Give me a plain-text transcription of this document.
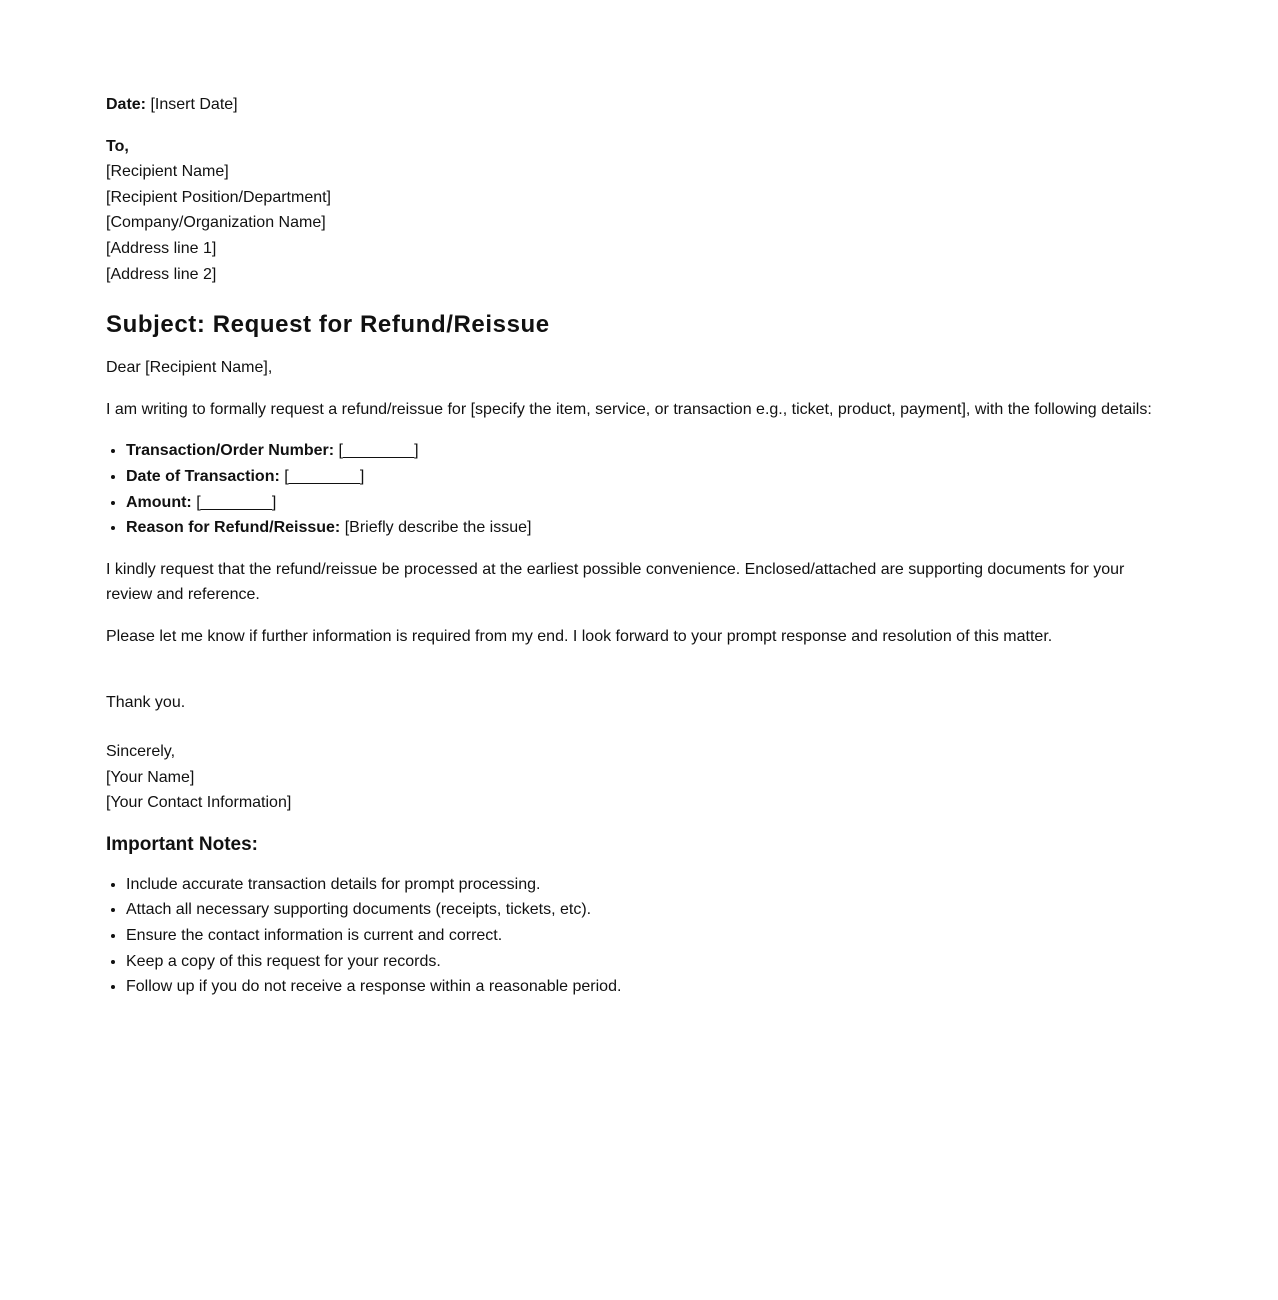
Date: [Insert Date]

To,
[Recipient Name]
[Recipient Position/Department]
[Company/Organization Name]
[Address line 1]
[Address line 2]
Subject: Request for Refund/Reissue

Dear [Recipient Name],

I am writing to formally request a refund/reissue for [specify the item, service, or transaction e.g., ticket, product, payment], with the following details:

• Transaction/Order Number: [________]
• Date of Transaction: [________]
• Amount: [________]
• Reason for Refund/Reissue: [Briefly describe the issue]

I kindly request that the refund/reissue be processed at the earliest possible convenience. Enclosed/attached are supporting documents for your review and reference.

Please let me know if further information is required from my end. I look forward to your prompt response and resolution of this matter.

Thank you.

Sincerely,
[Your Name]
[Your Contact Information]
Important Notes:
• Include accurate transaction details for prompt processing.
• Attach all necessary supporting documents (receipts, tickets, etc).
• Ensure the contact information is current and correct.
• Keep a copy of this request for your records.
• Follow up if you do not receive a response within a reasonable period.
